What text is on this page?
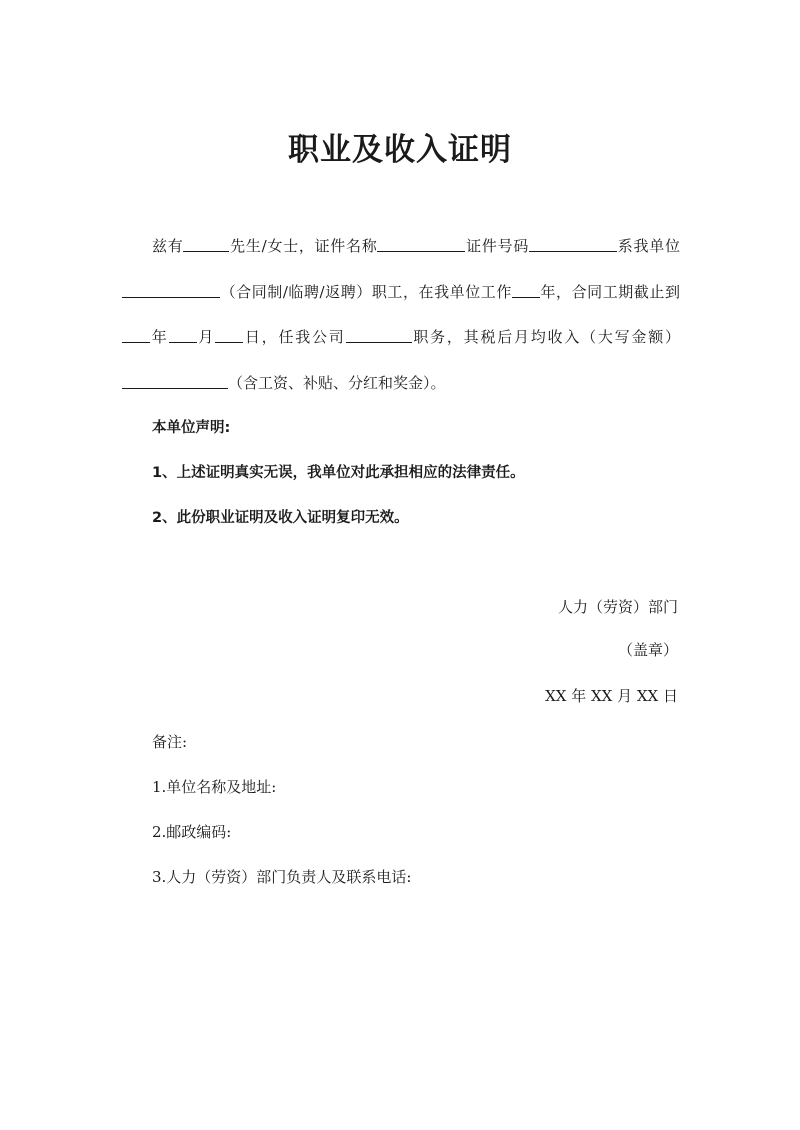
职业及收入证明

兹有	先生/女士，证件名称	证件号码	系我单位（合同制/临聘/返聘）职工，在我单位工作 年，合同工期截止到年 月 日，任我公司	职务，其税后月均收入（大写金额）（含工资、补贴、分红和奖金）。

本单位声明:
1、上述证明真实无误，我单位对此承担相应的法律责任。
2、此份职业证明及收入证明复印无效。
人力（劳资）部门
（盖章）
XX 年 XX 月 XX 日
备注:
1.单位名称及地址:
2.邮政编码:
3.人力（劳资）部门负责人及联系电话:
